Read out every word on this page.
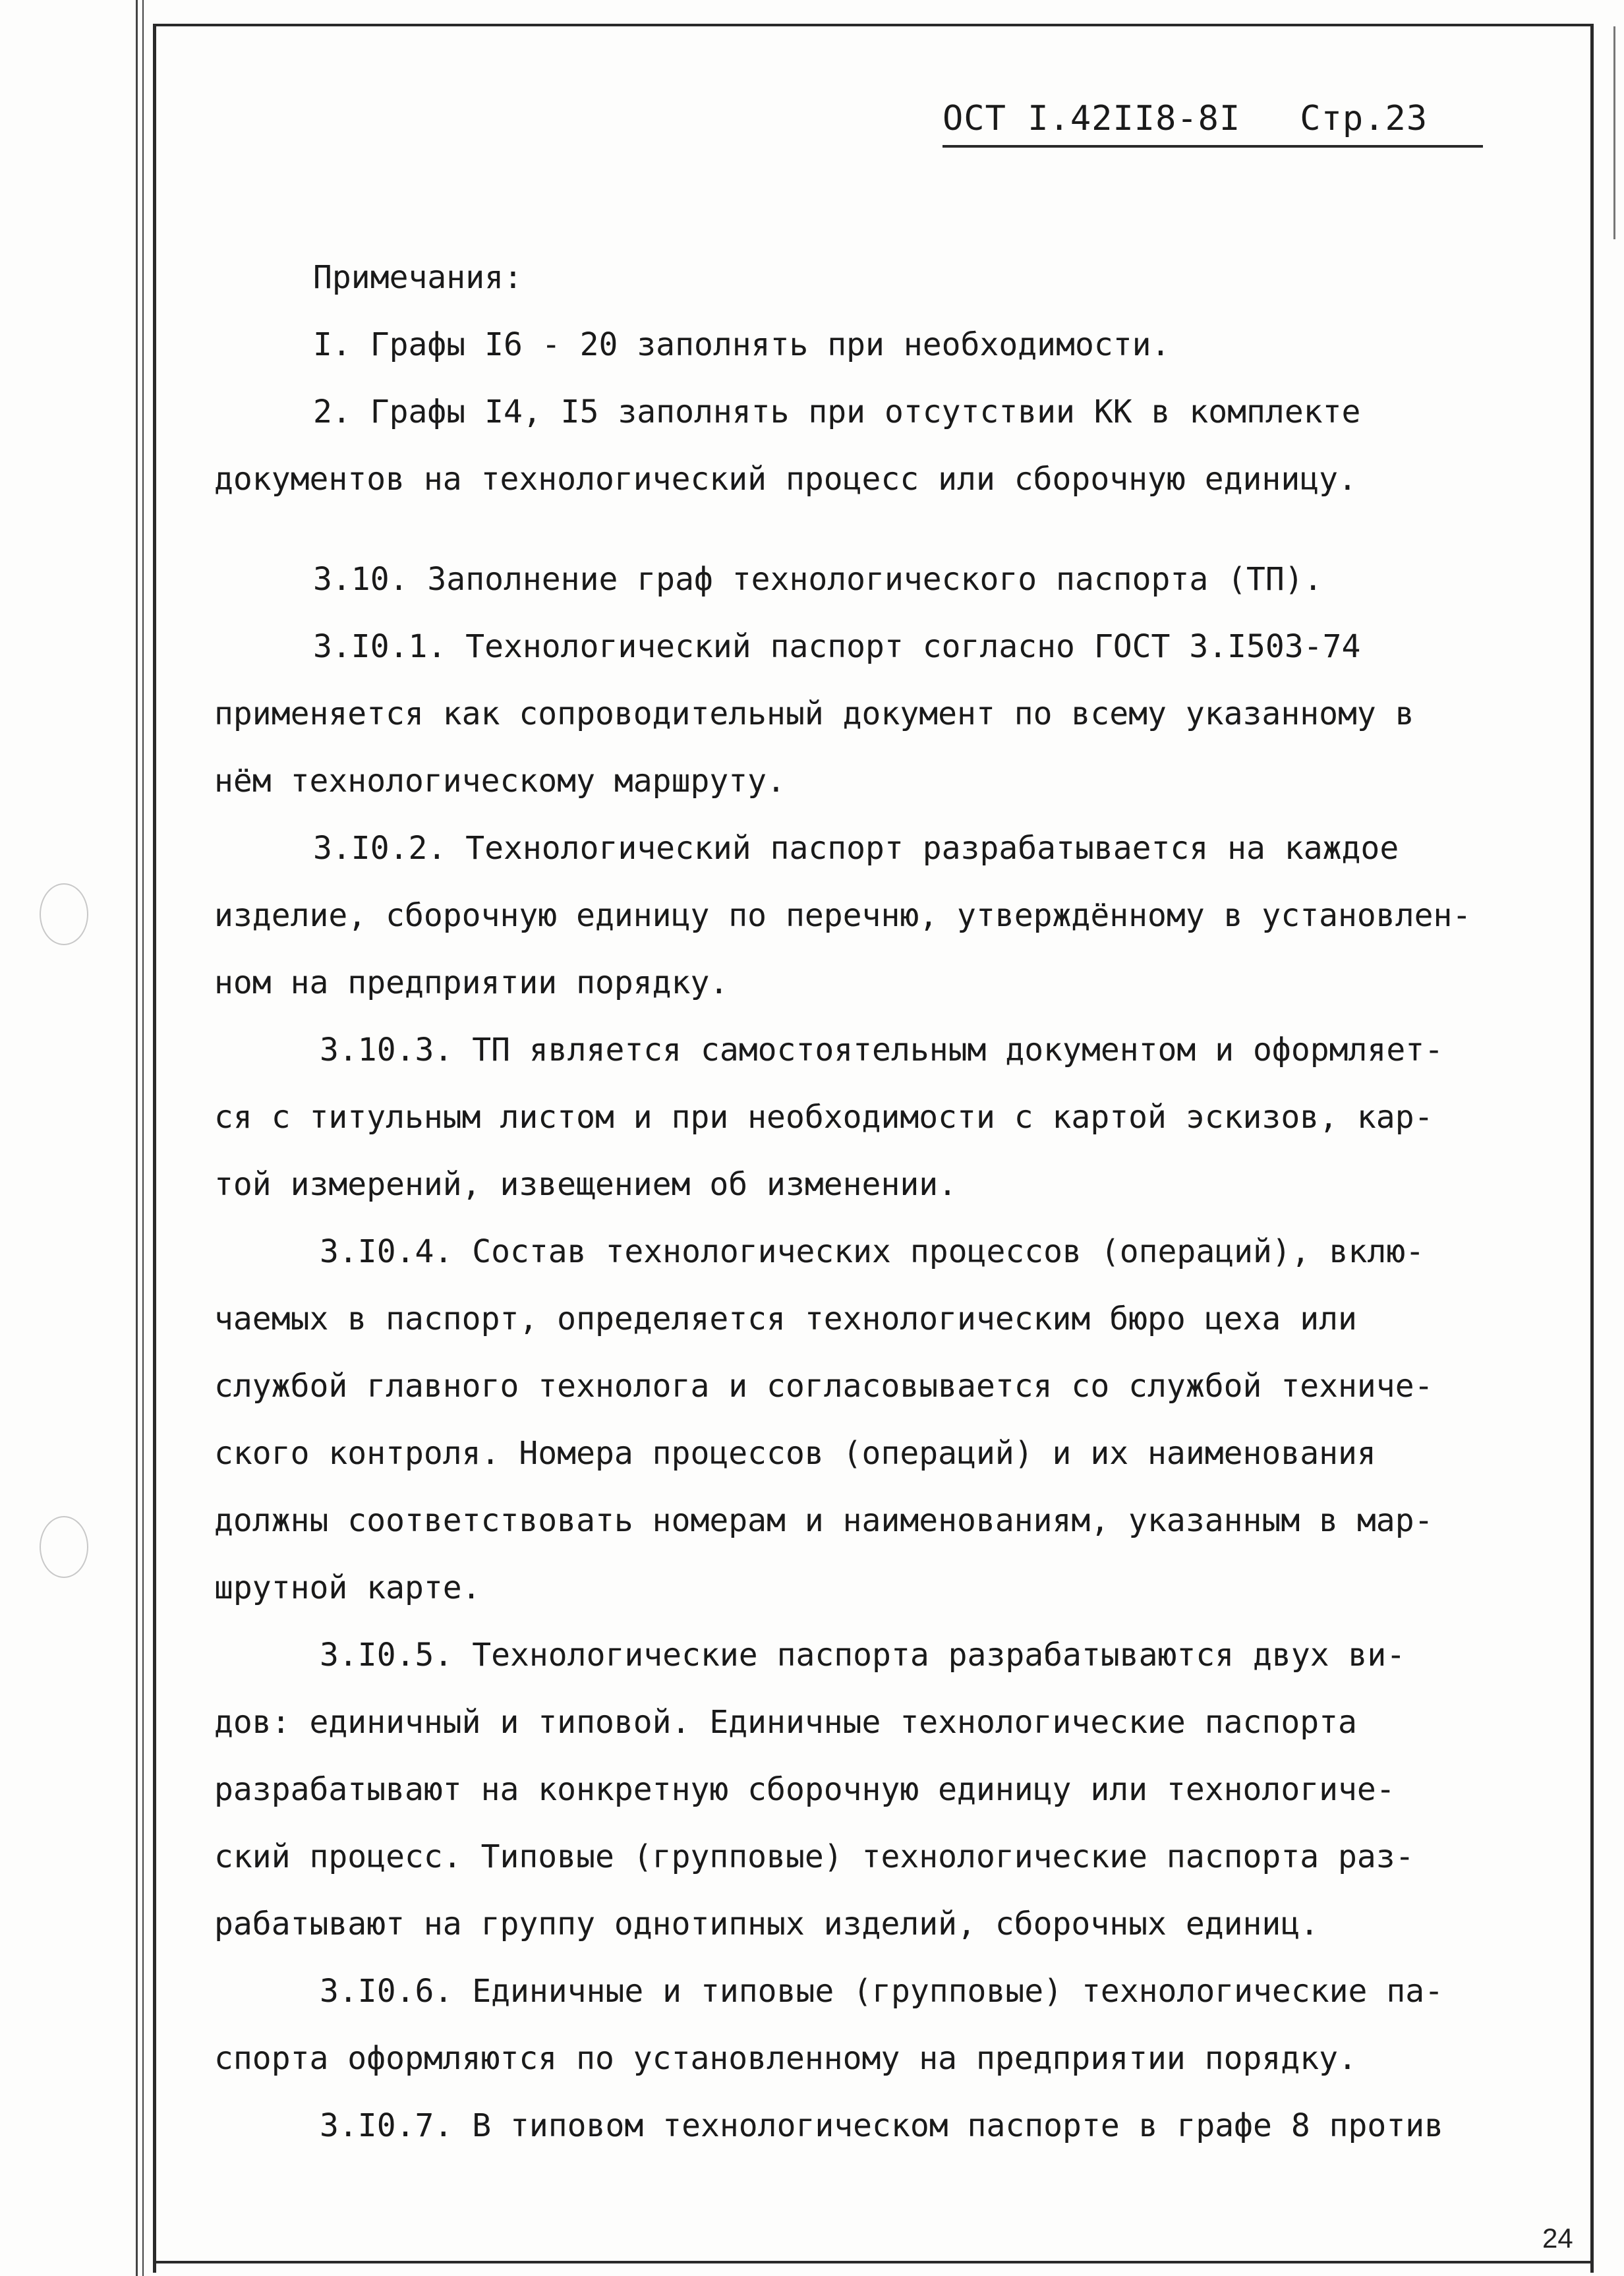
ОСТ I.42II8-8I Стр.23
Примечания:
I. Графы I6 - 20 заполнять при необходимости.
2. Графы I4, I5 заполнять при отсутствии КК в комплекте
документов на технологический процесс или сборочную единицу.
3.10. Заполнение граф технологического паспорта (ТП).
3.I0.1. Технологический паспорт согласно ГОСТ 3.I503-74
применяется как сопроводительный документ по всему указанному в
нём технологическому маршруту.
3.I0.2. Технологический паспорт разрабатывается на каждое
изделие, сборочную единицу по перечню, утверждённому в установлен-
ном на предприятии порядку.
3.10.3. ТП является самостоятельным документом и оформляет-
ся с титульным листом и при необходимости с картой эскизов, кар-
той измерений, извещением об изменении.
3.I0.4. Состав технологических процессов (операций), вклю-
чаемых в паспорт, определяется технологическим бюро цеха или
службой главного технолога и согласовывается со службой техниче-
ского контроля. Номера процессов (операций) и их наименования
должны соответствовать номерам и наименованиям, указанным в мар-
шрутной карте.
3.I0.5. Технологические паспорта разрабатываются двух ви-
дов: единичный и типовой. Единичные технологические паспорта
разрабатывают на конкретную сборочную единицу или технологиче-
ский процесс. Типовые (групповые) технологические паспорта раз-
рабатывают на группу однотипных изделий, сборочных единиц.
3.I0.6. Единичные и типовые (групповые) технологические па-
спорта оформляются по установленному на предприятии порядку.
3.I0.7. В типовом технологическом паспорте в графе 8 против
24
